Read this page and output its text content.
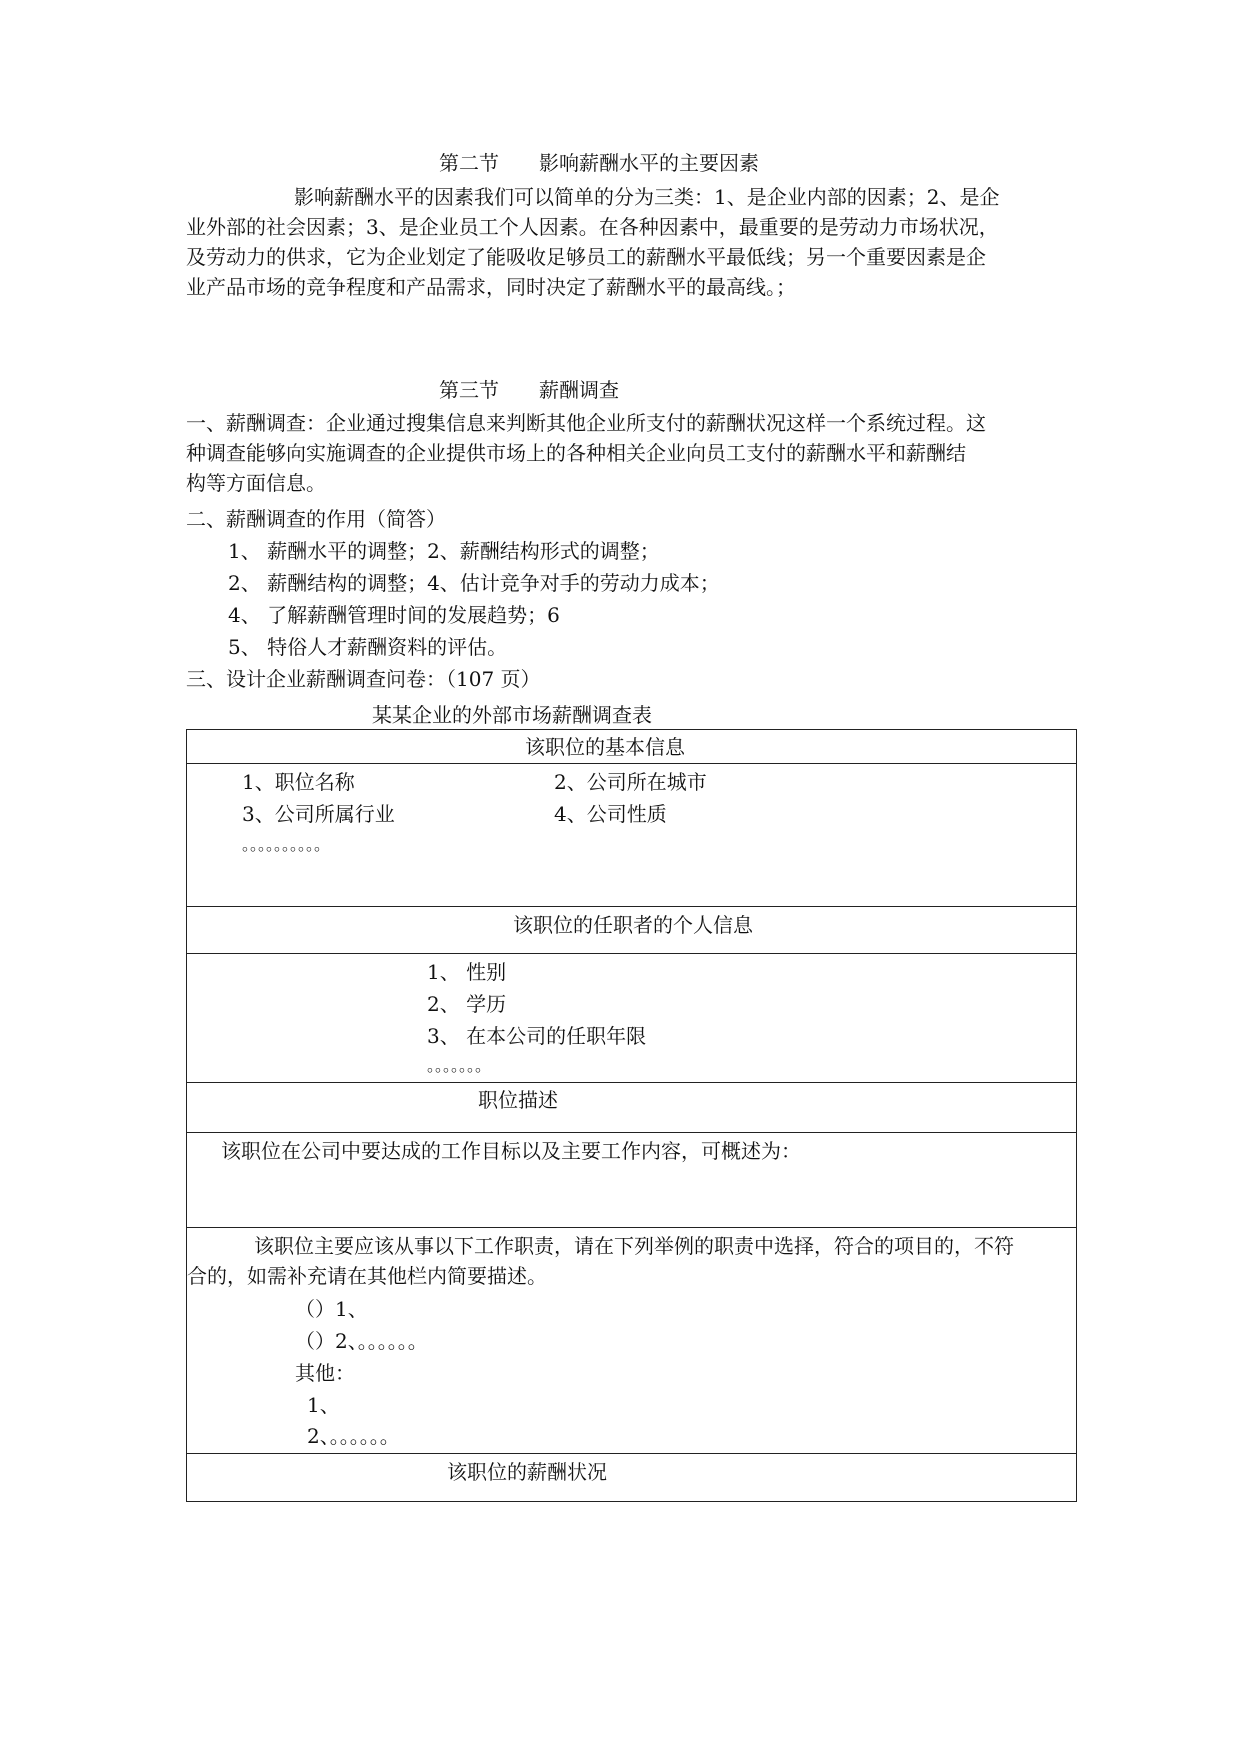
第二节　　影响薪酬水平的主要因素
影响薪酬水平的因素我们可以简单的分为三类：1、是企业内部的因素；2、是企
业外部的社会因素；3、是企业员工个人因素。在各种因素中，最重要的是劳动力市场状况，
及劳动力的供求，它为企业划定了能吸收足够员工的薪酬水平最低线；另一个重要因素是企
业产品市场的竞争程度和产品需求，同时决定了薪酬水平的最高线。；
第三节　　薪酬调查
一、薪酬调查：企业通过搜集信息来判断其他企业所支付的薪酬状况这样一个系统过程。这
种调查能够向实施调查的企业提供市场上的各种相关企业向员工支付的薪酬水平和薪酬结
构等方面信息。
二、薪酬调查的作用（简答）
1、 薪酬水平的调整；2、薪酬结构形式的调整；
2、 薪酬结构的调整；4、估计竞争对手的劳动力成本；
4、 了解薪酬管理时间的发展趋势；6
5、 特俗人才薪酬资料的评估。
三、设计企业薪酬调查问卷：（107 页）
某某企业的外部市场薪酬调查表
该职位的基本信息

1、职位名称	2、公司所在城市
3、公司所属行业	4、公司性质
。。。。。。。。。。

该职位的任职者的个人信息

1、 性别
2、 学历
3、 在本公司的任职年限
。。。。。。。

职位描述

该职位在公司中要达成的工作目标以及主要工作内容，可概述为：

该职位主要应该从事以下工作职责，请在下列举例的职责中选择，符合的项目的，不符
合的，如需补充请在其他栏内简要描述。
（）1、
（）2、。。。。。。
其他：
1、
2、。。。。。。

该职位的薪酬状况
